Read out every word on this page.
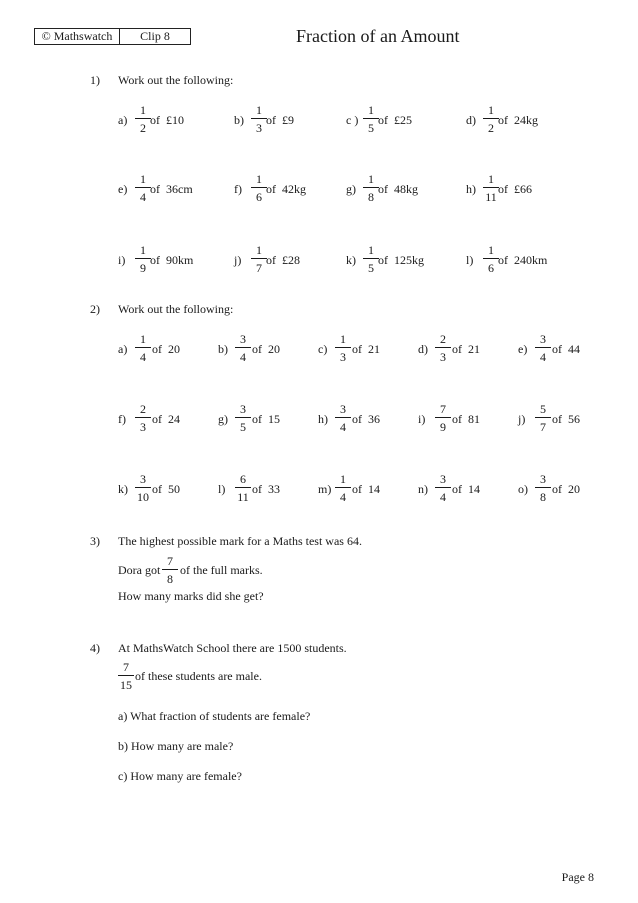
© Mathswatch	Clip 8	Fraction of an Amount
1) Work out the following:
a)
1
2
of  £10	b)
1
3
of  £9	c )
1
5
of  £25	d)
1
2
of  24kg
e)
1
4
of  36cm	f)
1
6
of  42kg	g)
1
8
of  48kg	h)
1
11
of  £66
i)
1
9
of  90km	j)
1
7
of  £28	k)
1
5
of  125kg	l)
1
6
of  240km
2) Work out the following:
a)
1
4
of  20	b)
3
4
of  20	c)
1
3
of  21	d)
2
3
of  21	e)
3
4
of  44
f)
2
3
of  24	g)
3
5
of  15	h)
3
4
of  36	i)
7
9
of  81	j)
5
7
of  56
k)
3
10
of  50	l)
6
11
of  33	m)
1
4
of  14	n)
3
4
of  14	o)
3
8
of  20
3) The highest possible mark for a Maths test was 64.
Dora got
7
8
of the full marks.
How many marks did she get?
4) At MathsWatch School there are 1500 students.
7
15
of these students are male.
a) What fraction of students are female?
b) How many are male?
c) How many are female?
Page 8
